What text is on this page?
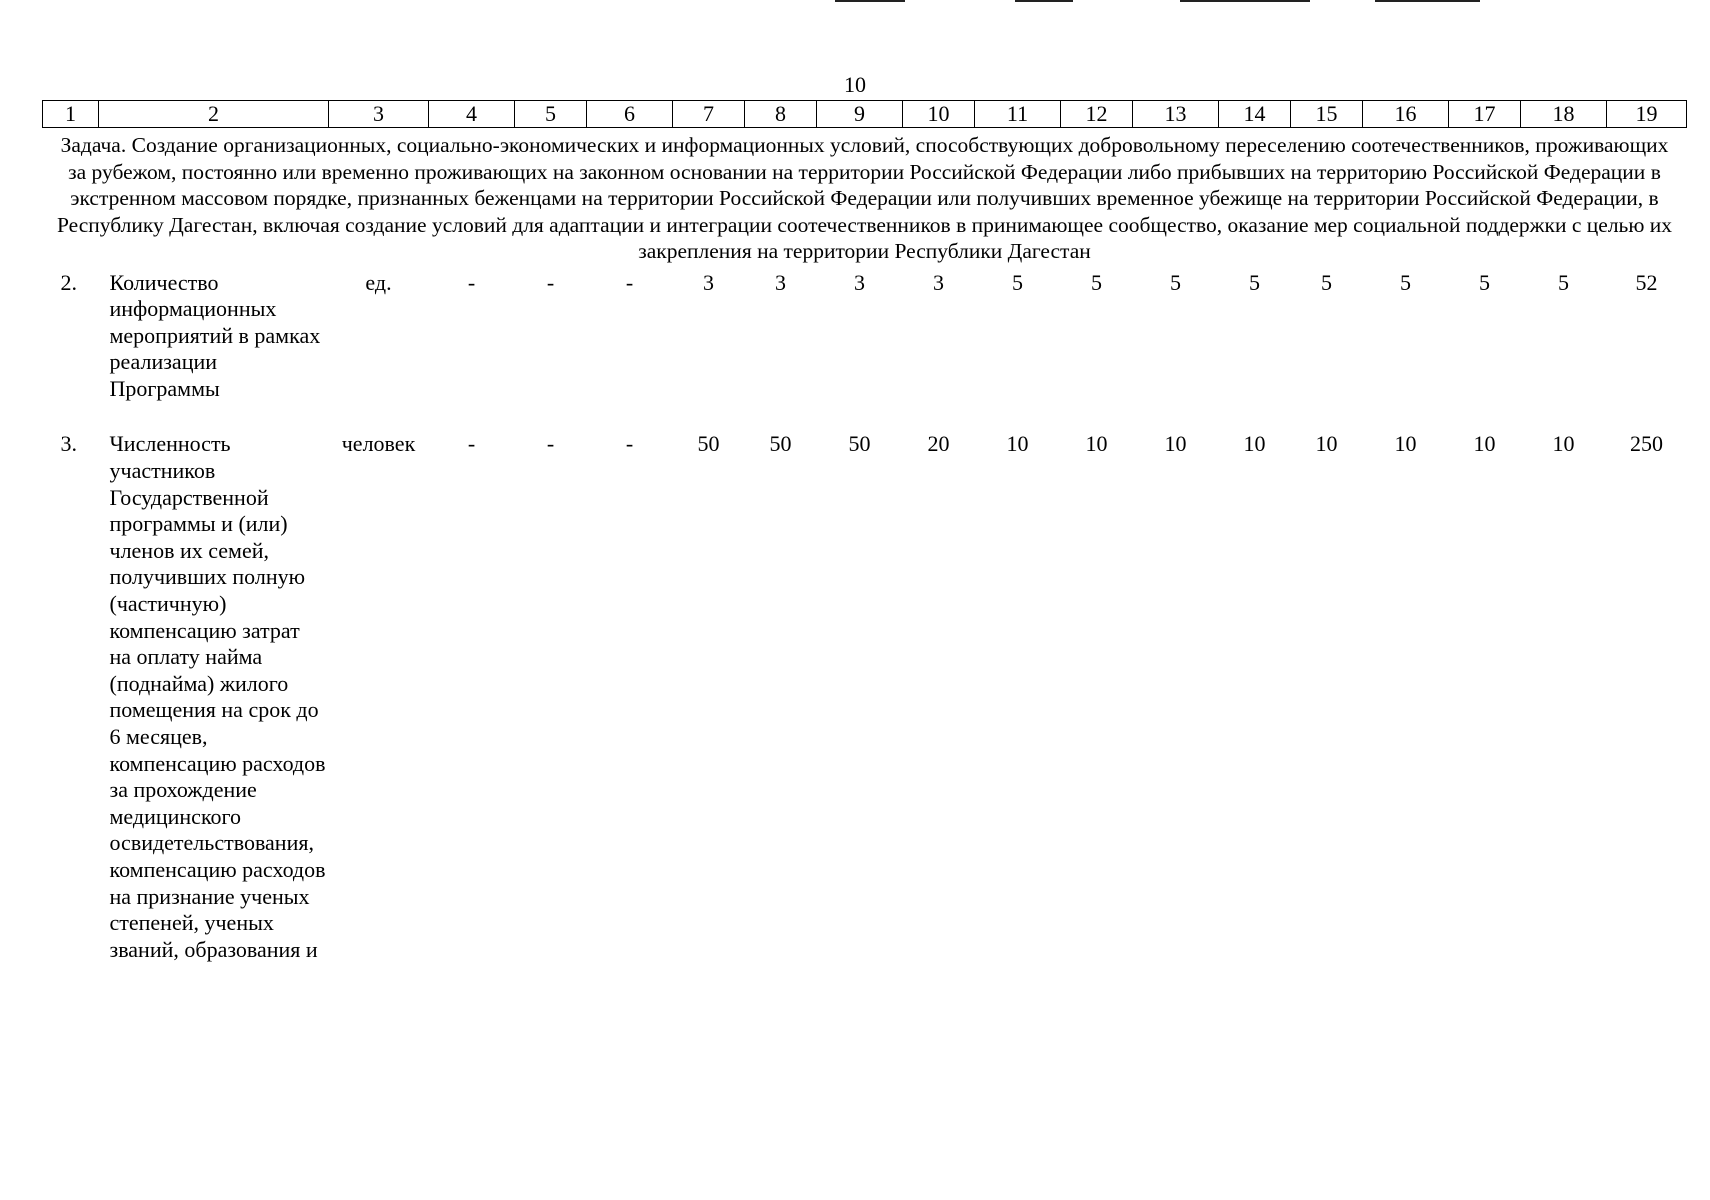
10
1	2	3	4	5	6	7	8	9	10	11	12	13	14	15	16	17	18	19
Задача. Создание организационных, социально-экономических и информационных условий, способствующих добровольному переселению соотечественников, проживающих за рубежом, постоянно или временно проживающих на законном основании на территории Российской Федерации либо прибывших на территорию Российской Федерации в экстренном массовом порядке, признанных беженцами на территории Российской Федерации или получивших временное убежище на территории Российской Федерации, в Республику Дагестан, включая создание условий для адаптации и интеграции соотечественников в принимающее сообщество, оказание мер социальной поддержки с целью их закрепления на территории Республики Дагестан																		
2.	Количество информационных мероприятий в рамках реализации Программы	ед.	-	-	-	3	3	3	3	5	5	5	5	5	5	5	5	52

3.	Численность участников Государственной программы и (или) членов их семей, получивших полную (частичную) компенсацию затрат на оплату найма (поднайма) жилого помещения на срок до 6 месяцев, компенсацию расходов за прохождение медицинского освидетельствования, компенсацию расходов на признание ученых степеней, ученых званий, образования и	человек	-	-	-	50	50	50	20	10	10	10	10	10	10	10	10	250
